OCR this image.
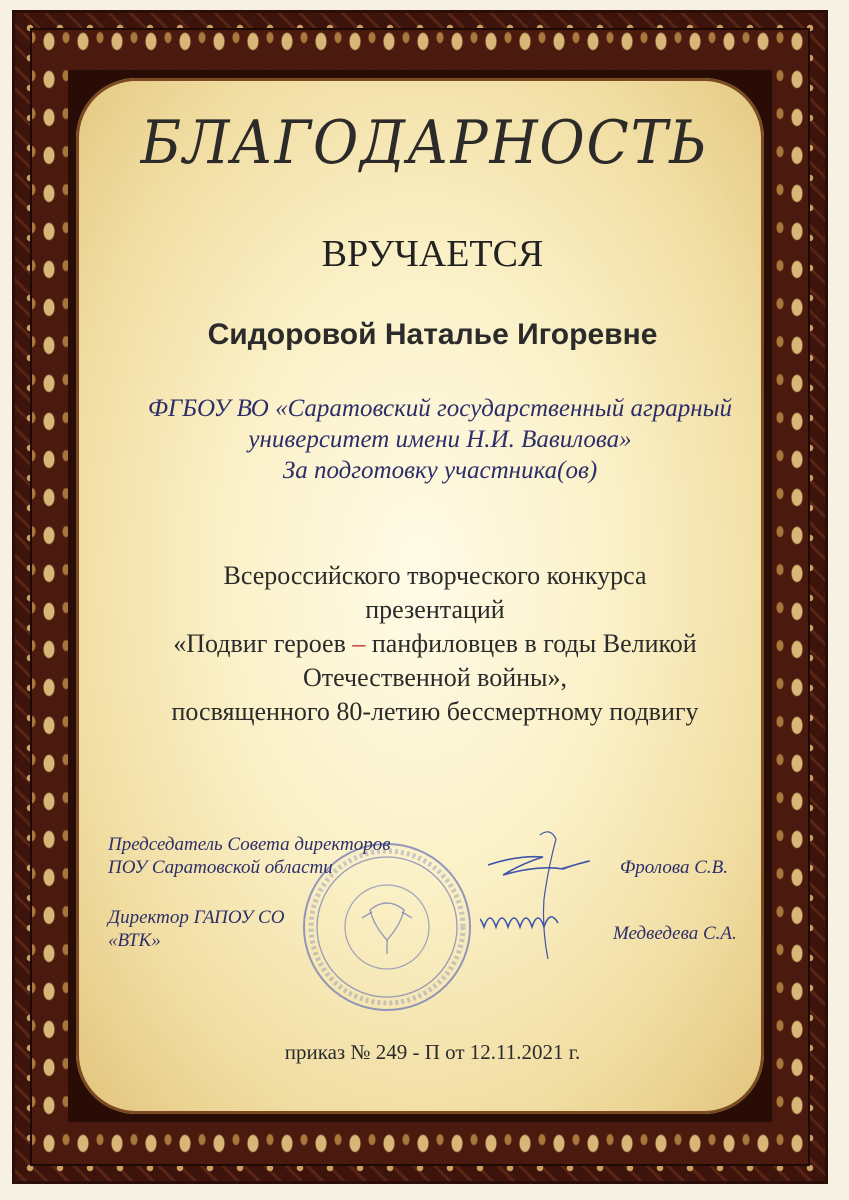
БЛАГОДАРНОСТЬ
ВРУЧАЕТСЯ
Сидоровой Наталье Игоревне
ФГБОУ ВО «Саратовский государственный аграрный
университет имени Н.И. Вавилова»
За подготовку участника(ов)
Всероссийского творческого конкурса
презентаций
«Подвиг героев – панфиловцев в годы Великой
Отечественной войны»,
посвященного 80-летию бессмертному подвигу
Председатель Совета директоров
ПОУ Саратовской области	Фролова С.В.
Директор ГАПОУ СО
«ВТК»	Медведева С.А.
приказ № 249 - П от 12.11.2021 г.
